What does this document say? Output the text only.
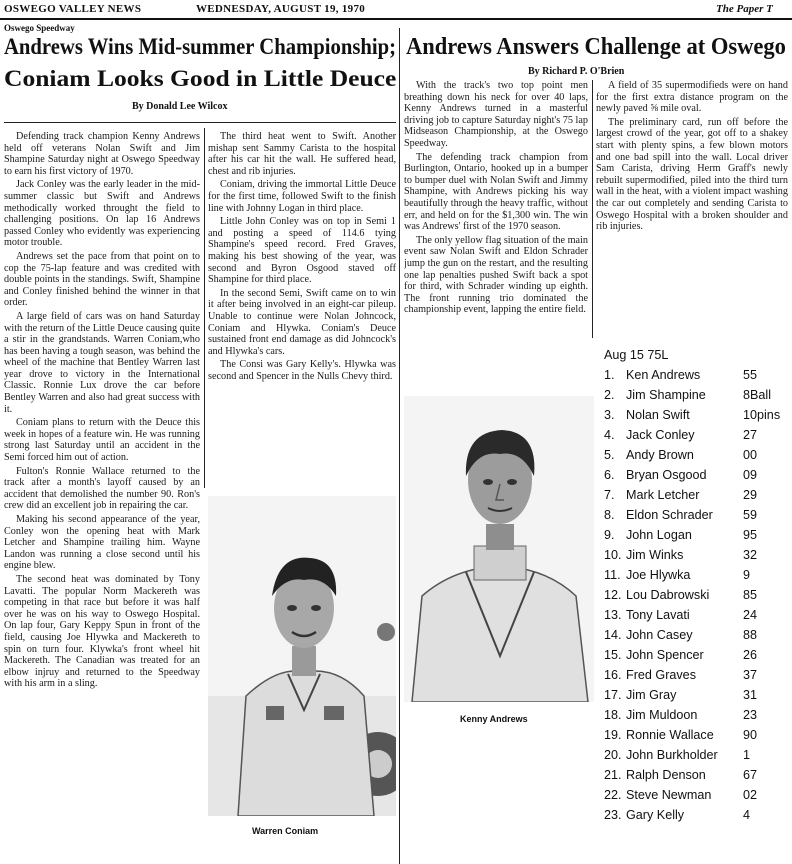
OSWEGO VALLEY NEWS	WEDNESDAY, AUGUST 19, 1970	The Paper T
Oswego Speedway
Andrews Wins Mid-summer Championship;
Coniam Looks Good in Little Deuce
By Donald Lee Wilcox
Andrews Answers Challenge at Oswego
By Richard P. O'Brien

Defending track champion Kenny Andrews held off veterans Nolan Swift and Jim Shampine Saturday night at Oswego Speedway to earn his first victory of 1970.

Jack Conley was the early leader in the mid-summer classic but Swift and Andrews methodically worked throught the field to challenging positions. On lap 16 Andrews passed Conley who evidently was experiencing motor trouble.

Andrews set the pace from that point on to cop the 75-lap feature and was credited with double points in the standings. Swift, Shampine and Conley finished behind the winner in that order.

A large field of cars was on hand Saturday with the return of the Little Deuce causing quite a stir in the grandstands. Warren Coniam,who has been having a tough season, was behind the wheel of the machine that Bentley Warren last year drove to victory in the International Classic. Ronnie Lux drove the car before Bentley Warren and also had great success with it.

Coniam plans to return with the Deuce this week in hopes of a feature win. He was running strong last Saturday until an accident in the Semi forced him out of action.

Fulton's Ronnie Wallace returned to the track after a month's layoff caused by an accident that demolished the number 90. Ron's crew did an excellent job in repairing the car.

Making his second appearance of the year, Conley won the opening heat with Mark Letcher and Shampine trailing him. Wayne Landon was running a close second until his engine blew.

The second heat was dominated by Tony Lavatti. The popular Norm Mackereth was competing in that race but before it was half over he was on his way to Oswego Hospital. On lap four, Gary Keppy Spun in front of the field, causing Joe Hlywka and Mackereth to spin on turn four. Klywka's front wheel hit Mackereth. The Canadian was treated for an elbow injruy and returned to the Speedway with his arm in a sling.

The third heat went to Swift. Another mishap sent Sammy Carista to the hospital after his car hit the wall. He suffered head, chest and rib injuries.

Coniam, driving the immortal Little Deuce for the first time, followed Swift to the finish line with Johnny Logan in third place.

Little John Conley was on top in Semi 1 and posting a speed of 114.6 tying Shampine's speed record. Fred Graves, making his best showing of the year, was second and Byron Osgood staved off Shampine for third place.

In the second Semi, Swift came on to win it after being involved in an eight-car pileup. Unable to continue were Nolan Johncock, Coniam and Hlywka. Coniam's Deuce sustained front end damage as did Johncock's and Hlywka's cars.

The Consi was Gary Kelly's. Hlywka was second and Spencer in the Nulls Chevy third.

Warren Coniam

With the track's two top point men breathing down his neck for over 40 laps, Kenny Andrews turned in a masterful driving job to capture Saturday night's 75 lap Midseason Championship, at the Oswego Speedway.

The defending track champion from Burlington, Ontario, hooked up in a bumper to bumper duel with Nolan Swift and Jimmy Shampine, with Andrews picking his way beautifully through the heavy traffic, without err, and held on for the $1,300 win. The win was Andrews' first of the 1970 season.

The only yellow flag situation of the main event saw Nolan Swift and Eldon Schrader jump the gun on the restart, and the resulting one lap penalties pushed Swift back a spot for third, with Schrader winding up eighth. The front running trio dominated the championship event, lapping the entire field.

A field of 35 supermodifieds were on hand for the first extra distance program on the newly paved ⅝ mile oval.

The preliminary card, run off before the largest crowd of the year, got off to a shakey start with plenty spins, a few blown motors and one bad spill into the wall. Local driver Sam Carista, driving Herm Graff's newly rebuilt supermodified, piled into the third turn wall in the heat, with a violent impact washing the car out completely and sending Carista to Oswego Hospital with a broken shoulder and rib injuries.

Kenny Andrews
Aug 15 75L
1. Ken Andrews	55
2. Jim Shampine	8Ball
3. Nolan Swift	10pins
4. Jack Conley	27
5. Andy Brown	00
6. Bryan Osgood	09
7. Mark Letcher	29
8. Eldon Schrader 59
9. John Logan	95
10. Jim Winks	32
11. Joe Hlywka	9
12. Lou Dabrowski	85
13. Tony Lavati	24
14. John Casey	88
15. John Spencer	26
16. Fred Graves	37
17. Jim Gray	31
18. Jim Muldoon	23
19. Ronnie Wallace 90
20. John Burkholder 1
21. Ralph Denson	67
22. Steve Newman	02
23. Gary Kelly	4
